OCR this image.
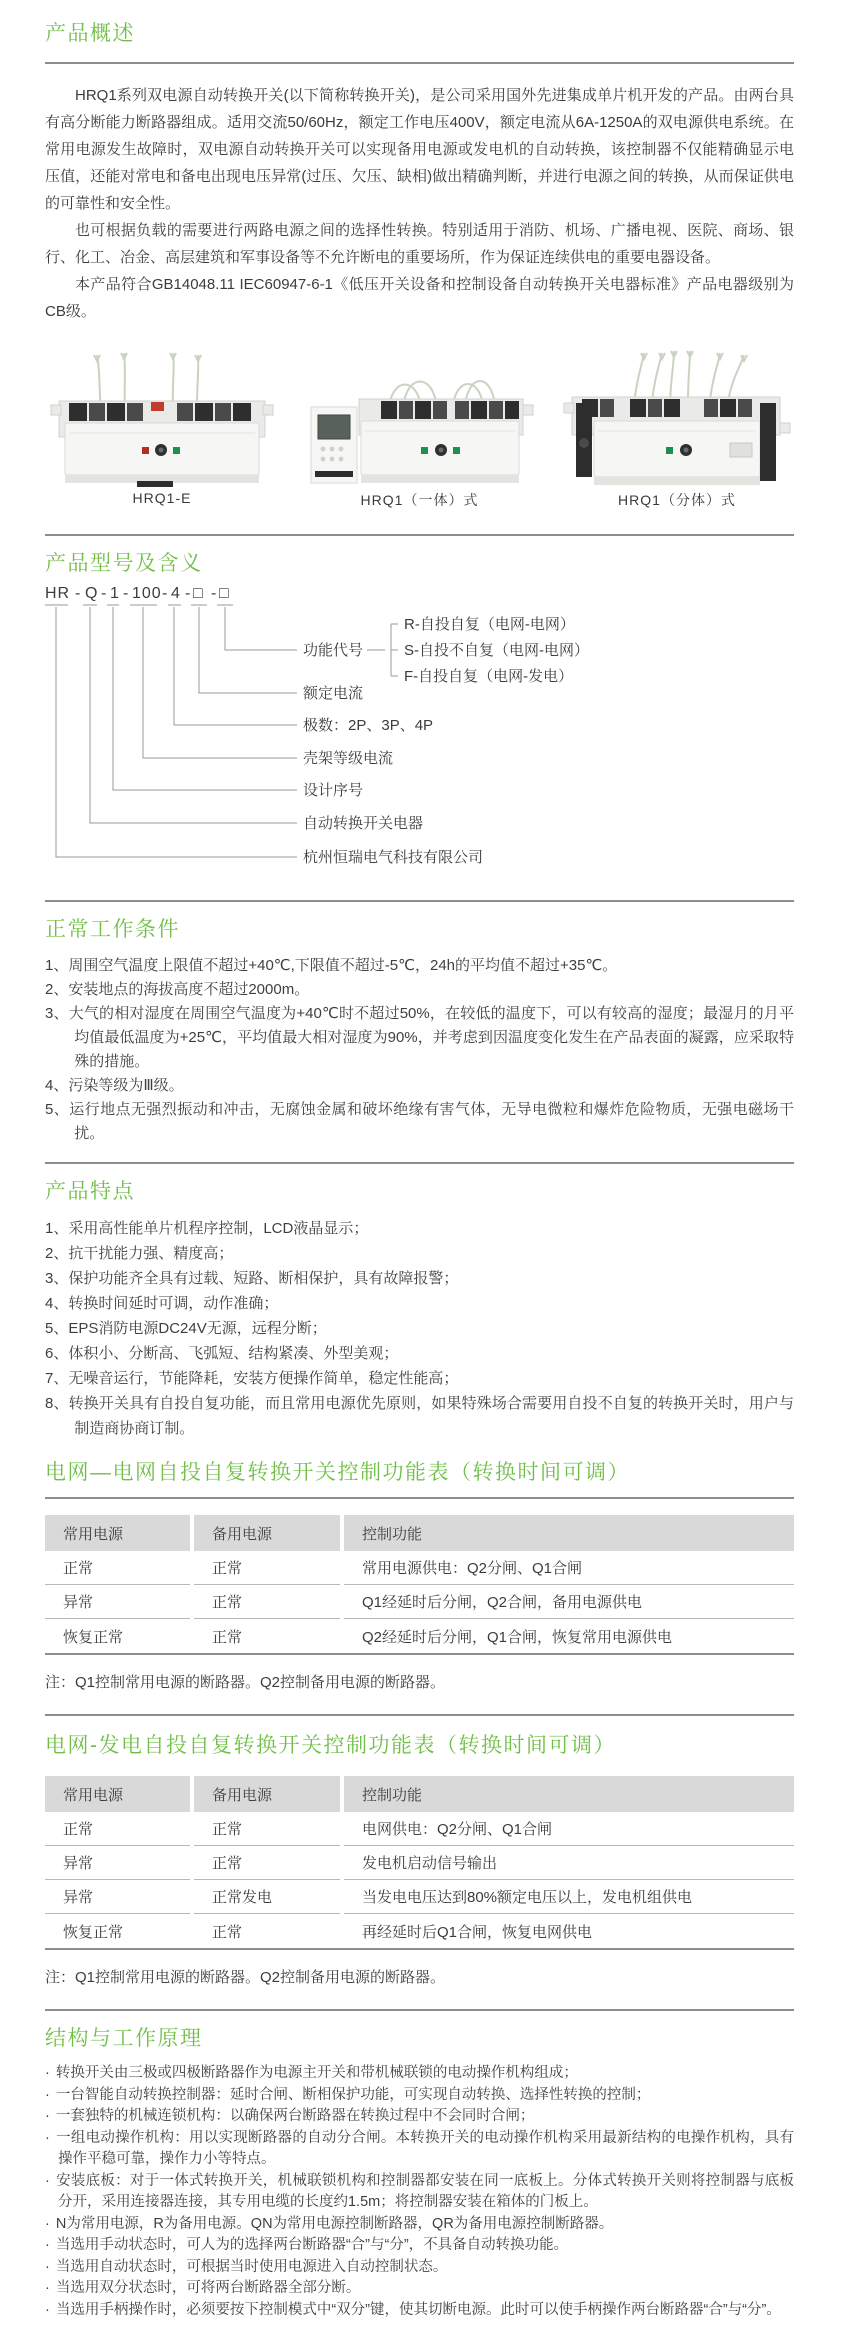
产品概述

HRQ1系列双电源自动转换开关(以下简称转换开关)，是公司采用国外先进集成单片机开发的产品。由两台具有高分断能力断路器组成。适用交流50/60Hz，额定工作电压400V，额定电流从6A-1250A的双电源供电系统。在常用电源发生故障时，双电源自动转换开关可以实现备用电源或发电机的自动转换，该控制器不仅能精确显示电压值，还能对常电和备电出现电压异常(过压、欠压、缺相)做出精确判断，并进行电源之间的转换，从而保证供电的可靠性和安全性。

也可根据负载的需要进行两路电源之间的选择性转换。特别适用于消防、机场、广播电视、医院、商场、银行、化工、冶金、高层建筑和军事设备等不允许断电的重要场所，作为保证连续供电的重要电器设备。

本产品符合GB14048.11 IEC60947-6-1《低压开关设备和控制设备自动转换开关电器标准》产品电器级别为CB级。

HRQ1-E	HRQ1（一体）式	HRQ1（分体）式
产品型号及含义
HR - Q - 1 - 100 - 4 - □ - □
功能代号
额定电流
极数：2P、3P、4P
壳架等级电流
设计序号
自动转换开关电器
杭州恒瑞电气科技有限公司
R-自投自复（电网-电网）
S-自投不自复（电网-电网）
F-自投自复（电网-发电）
正常工作条件
1、周围空气温度上限值不超过+40℃,下限值不超过-5℃，24h的平均值不超过+35℃。
2、安装地点的海拔高度不超过2000m。
3、大气的相对湿度在周围空气温度为+40℃时不超过50%，在较低的温度下，可以有较高的湿度；最湿月的月平均值最低温度为+25℃，平均值最大相对湿度为90%，并考虑到因温度变化发生在产品表面的凝露，应采取特殊的措施。
4、污染等级为Ⅲ级。
5、运行地点无强烈振动和冲击，无腐蚀金属和破坏绝缘有害气体，无导电微粒和爆炸危险物质，无强电磁场干扰。
产品特点
1、采用高性能单片机程序控制，LCD液晶显示；
2、抗干扰能力强、精度高；
3、保护功能齐全具有过载、短路、断相保护，具有故障报警；
4、转换时间延时可调，动作准确；
5、EPS消防电源DC24V无源，远程分断；
6、体积小、分断高、飞弧短、结构紧凑、外型美观；
7、无噪音运行，节能降耗，安装方便操作简单，稳定性能高；
8、转换开关具有自投自复功能，而且常用电源优先原则，如果特殊场合需要用自投不自复的转换开关时，用户与制造商协商订制。
电网—电网自投自复转换开关控制功能表（转换时间可调）
常用电源	备用电源	控制功能
正常	正常	常用电源供电：Q2分闸、Q1合闸
异常	正常	Q1经延时后分闸，Q2合闸，备用电源供电
恢复正常	正常	Q2经延时后分闸，Q1合闸，恢复常用电源供电
注：Q1控制常用电源的断路器。Q2控制备用电源的断路器。
电网-发电自投自复转换开关控制功能表（转换时间可调）
常用电源	备用电源	控制功能
正常	正常	电网供电：Q2分闸、Q1合闸
异常	正常	发电机启动信号输出
异常	正常发电	当发电电压达到80%额定电压以上，发电机组供电
恢复正常	正常	再经延时后Q1合闸，恢复电网供电
注：Q1控制常用电源的断路器。Q2控制备用电源的断路器。
结构与工作原理
· 转换开关由三极或四极断路器作为电源主开关和带机械联锁的电动操作机构组成；
· 一台智能自动转换控制器：延时合闸、断相保护功能，可实现自动转换、选择性转换的控制；
· 一套独特的机械连锁机构：以确保两台断路器在转换过程中不会同时合闸；
· 一组电动操作机构：用以实现断路器的自动分合闸。本转换开关的电动操作机构采用最新结构的电操作机构，具有操作平稳可靠，操作力小等特点。
· 安装底板：对于一体式转换开关，机械联锁机构和控制器都安装在同一底板上。分体式转换开关则将控制器与底板分开，采用连接器连接，其专用电缆的长度约1.5m；将控制器安装在箱体的门板上。
· N为常用电源，R为备用电源。QN为常用电源控制断路器，QR为备用电源控制断路器。
· 当选用手动状态时，可人为的选择两台断路器“合”与“分”，不具备自动转换功能。
· 当选用自动状态时，可根据当时使用电源进入自动控制状态。
· 当选用双分状态时，可将两台断路器全部分断。
· 当选用手柄操作时，必须要按下控制模式中“双分”键，使其切断电源。此时可以使手柄操作两台断路器“合”与“分”。
